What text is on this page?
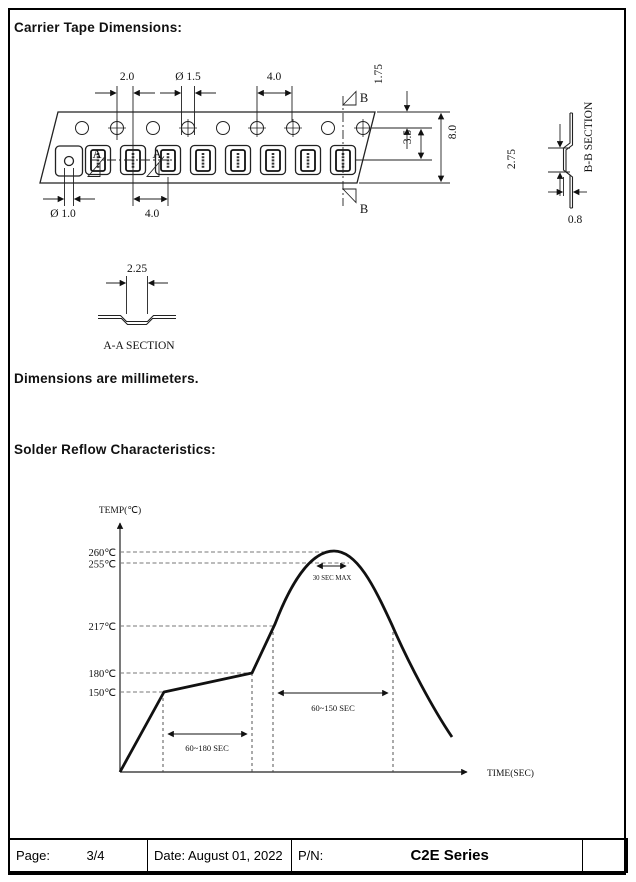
Carrier Tape Dimensions:
Dimensions are millimeters.
Solder Reflow Characteristics:
2.0	Ø 1.5	4.0	1.75
3.5	8.0
Ø 1.0	4.0
B
B
A	A	2.75
0.8
B-B SECTION
2.25
A-A SECTION
TEMP(℃)
TIME(SEC)
260℃
255℃
217℃
180℃
150℃
30 SEC MAX
60~150 SEC
60~180 SEC
Page:	3/4	Date: August 01, 2022 P/N:	C2E Series
